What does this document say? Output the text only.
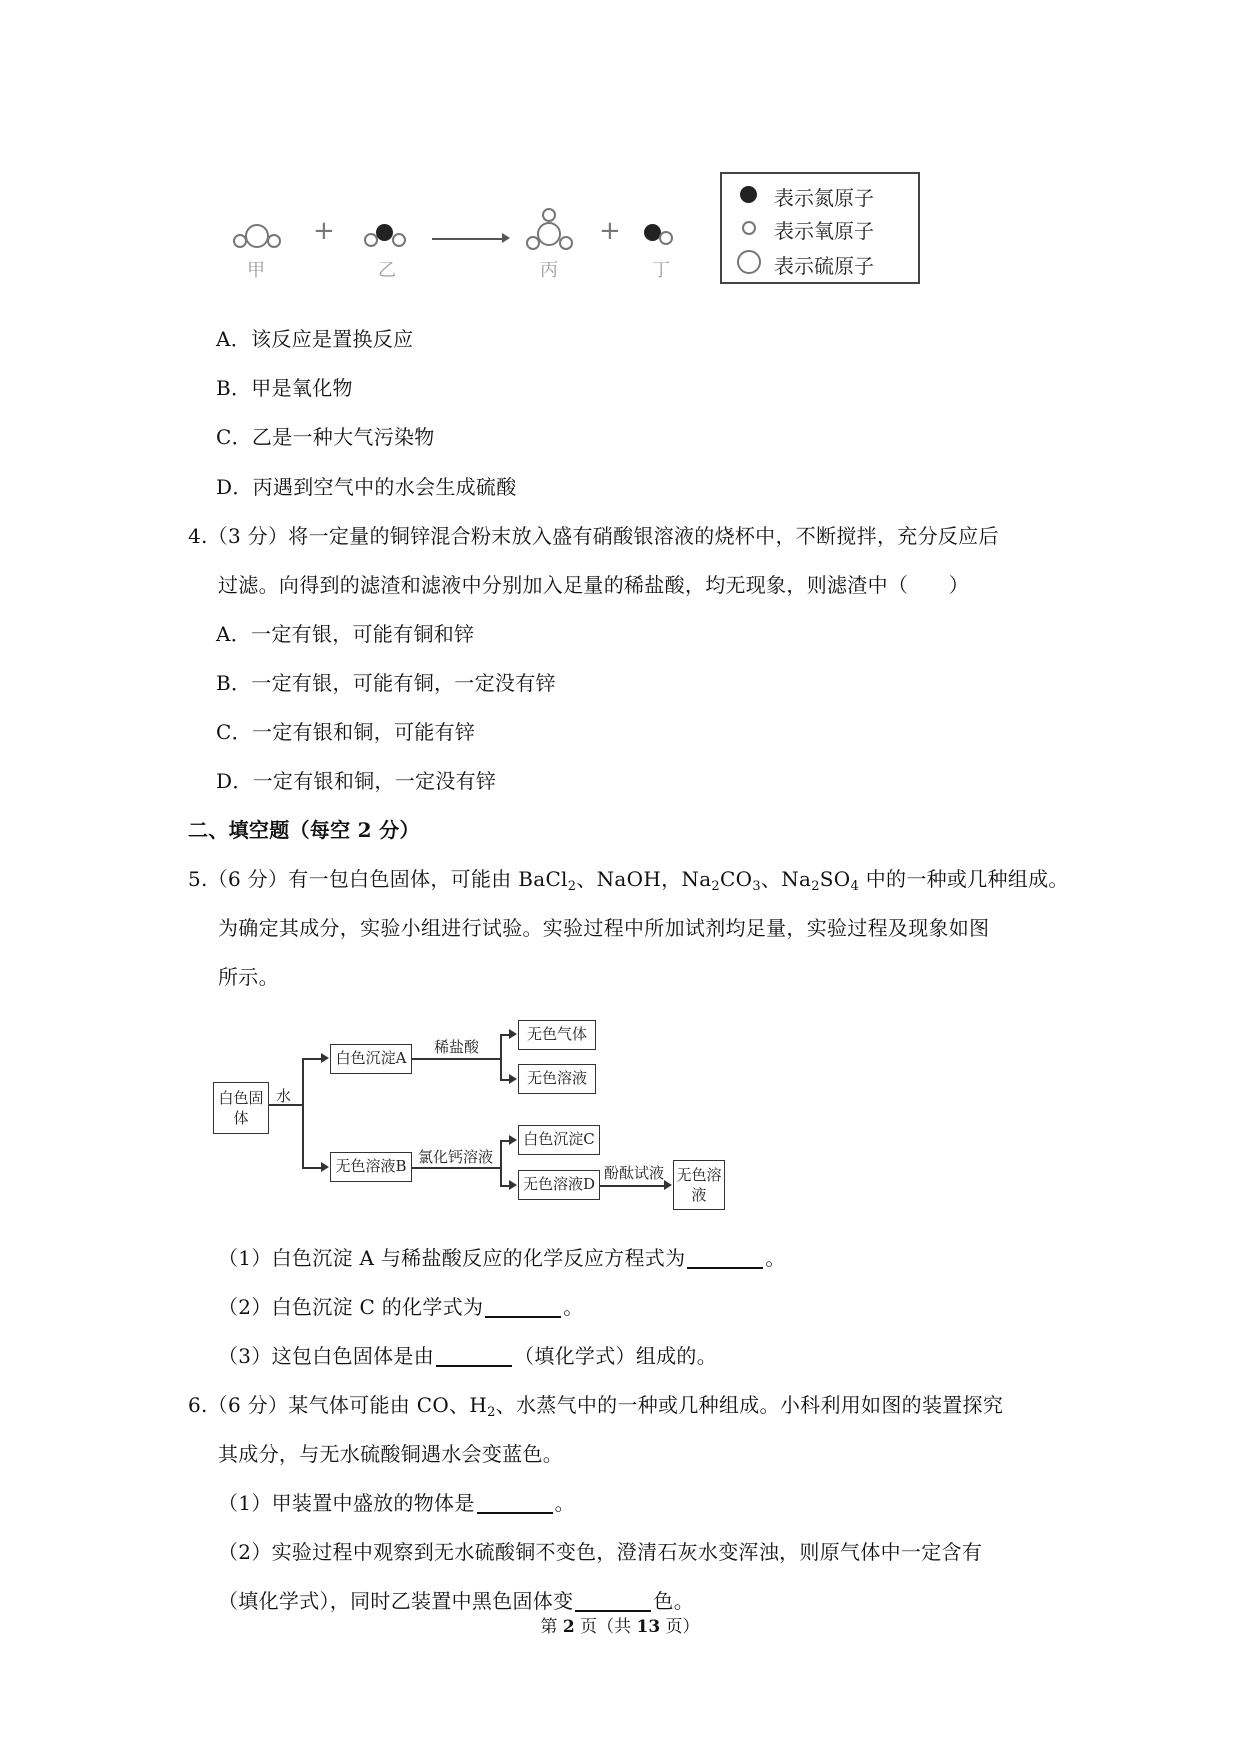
甲
+
乙	丙
+
丁
表示氮原子
表示氧原子
表示硫原子
A．该反应是置换反应
B．甲是氧化物
C．乙是一种大气污染物
D．丙遇到空气中的水会生成硫酸
4.（3 分）将一定量的铜锌混合粉末放入盛有硝酸银溶液的烧杯中，不断搅拌，充分反应后
过滤。向得到的滤渣和滤液中分别加入足量的稀盐酸，均无现象，则滤渣中（　　）
A．一定有银，可能有铜和锌
B．一定有银，可能有铜，一定没有锌
C．一定有银和铜，可能有锌
D．一定有银和铜，一定没有锌
二、填空题（每空 2 分）
5.（6 分）有一包白色固体，可能由 BaCl$_2$、NaOH，$Na_2CO_3$、$Na_2SO_4$ 中的一种或几种组成。
为确定其成分，实验小组进行试验。实验过程中所加试剂均足量，实验过程及现象如图
所示。
白色固体
水
白色沉淀A
无色溶液B
稀盐酸
无色气体
无色溶液
氯化钙溶液
白色沉淀C
无色溶液D
酚酞试液 无色溶液
（1）白色沉淀 A 与稀盐酸反应的化学反应方程式为	。
（2）白色沉淀 C 的化学式为	。
（3）这包白色固体是由	（填化学式）组成的。
6.（6 分）某气体可能由 CO、$H_2$、水蒸气中的一种或几种组成。小科利用如图的装置探究
其成分，与无水硫酸铜遇水会变蓝色。
（1）甲装置中盛放的物体是	。
（2）实验过程中观察到无水硫酸铜不变色，澄清石灰水变浑浊，则原气体中一定含有
（填化学式），同时乙装置中黑色固体变	色。
第 2 页（共 13 页）
